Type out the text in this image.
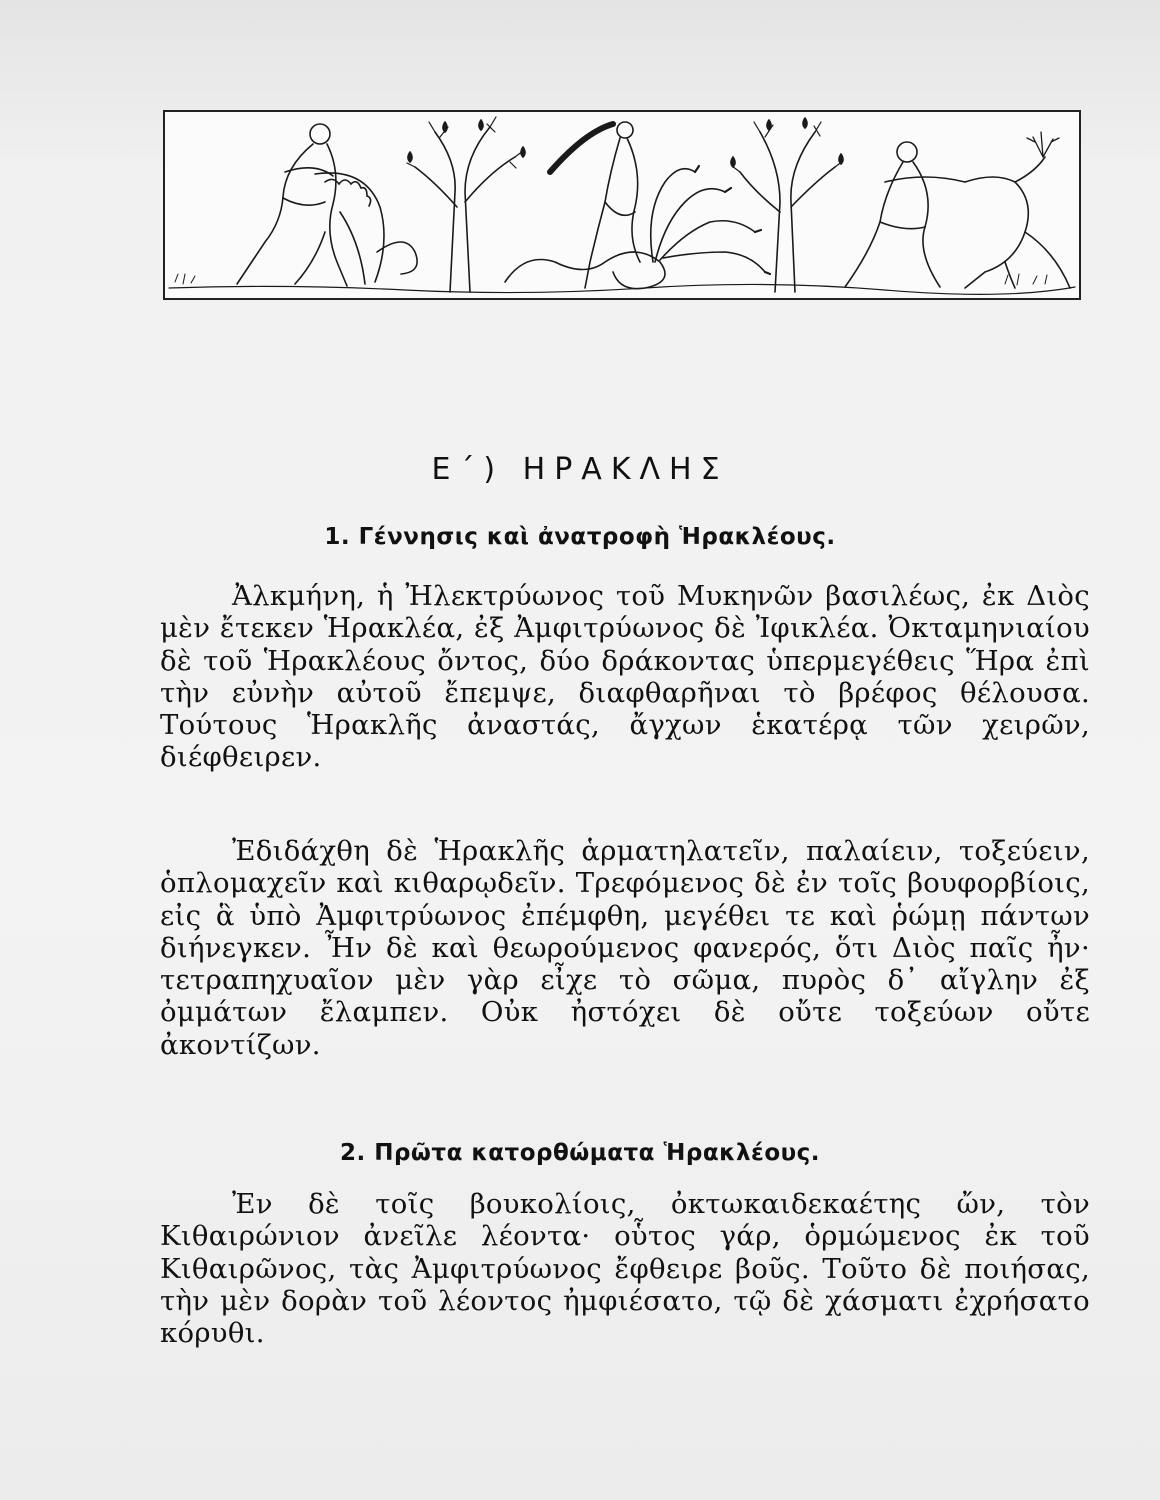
Ε΄) ΗΡΑΚΛΗΣ
1. Γέννησις καὶ ἀνατροφὴ Ἡρακλέους.

Ἀλκμήνη, ἡ Ἠλεκτρύωνος τοῦ Μυκηνῶν βασιλέως, ἐκ Διὸς μὲν ἔτεκεν Ἡρακλέα, ἐξ Ἀμφιτρύωνος δὲ Ἰφικλέα. Ὀκταμηνιαίου δὲ τοῦ Ἡρακλέους ὄντος, δύο δράκοντας ὑπερμεγέθεις Ἥρα ἐπὶ τὴν εὐνὴν αὐτοῦ ἔπεμψε, διαφθαρῆναι τὸ βρέφος θέλουσα. Τούτους Ἡρακλῆς ἀναστάς, ἄγχων ἑκατέρᾳ τῶν χειρῶν, διέφθειρεν.

Ἐδιδάχθη δὲ Ἡρακλῆς ἁρματηλατεῖν, παλαίειν, τοξεύειν, ὁπλομαχεῖν καὶ κιθαρῳδεῖν. Τρεφόμενος δὲ ἐν τοῖς βουφορβίοις, εἰς ἃ ὑπὸ Ἀμφιτρύωνος ἐπέμφθη, μεγέθει τε καὶ ῥώμῃ πάντων διήνεγκεν. Ἦν δὲ καὶ θεωρούμενος φανερός, ὅτι Διὸς παῖς ἦν· τετραπηχυαῖον μὲν γὰρ εἶχε τὸ σῶμα, πυρὸς δ᾽ αἴγλην ἐξ ὀμμάτων ἔλαμπεν. Οὐκ ἠστόχει δὲ οὔτε τοξεύων οὔτε ἀκοντίζων.

2. Πρῶτα κατορθώματα Ἡρακλέους.

Ἐν δὲ τοῖς βουκολίοις, ὀκτωκαιδεκαέτης ὤν, τὸν Κιθαιρώνιον ἀνεῖλε λέοντα· οὗτος γάρ, ὁρμώμενος ἐκ τοῦ Κιθαιρῶνος, τὰς Ἀμφιτρύωνος ἔφθειρε βοῦς. Τοῦτο δὲ ποιήσας, τὴν μὲν δορὰν τοῦ λέοντος ἠμφιέσατο, τῷ δὲ χάσματι ἐχρήσατο κόρυθι.
